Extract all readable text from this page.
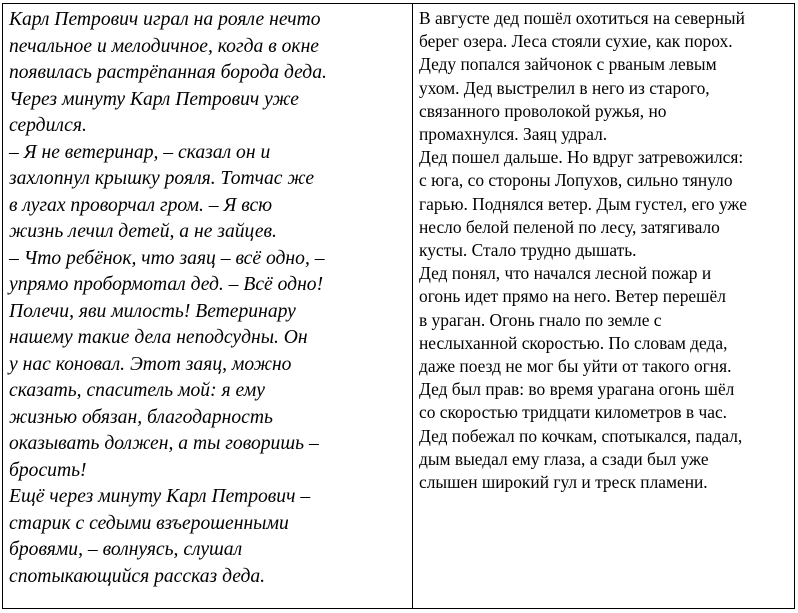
Карл Петрович играл на рояле нечто
печальное и мелодичное, когда в окне
появилась растрёпанная борода деда.
Через минуту Карл Петрович уже
сердился.
– Я не ветеринар, – сказал он и
захлопнул крышку рояля. Тотчас же
в лугах проворчал гром. – Я всю
жизнь лечил детей, а не зайцев.
– Что ребёнок, что заяц – всё одно, –
упрямо пробормотал дед. – Всё одно!
Полечи, яви милость! Ветеринару
нашему такие дела неподсудны. Он
у нас коновал. Этот заяц, можно
сказать, спаситель мой: я ему
жизнью обязан, благодарность
оказывать должен, а ты говоришь –
бросить!
Ещё через минуту Карл Петрович –
старик с седыми взъерошенными
бровями, – волнуясь, слушал
спотыкающийся рассказ деда.

В августе дед пошёл охотиться на северный
берег озера. Леса стояли сухие, как порох.
Деду попался зайчонок с рваным левым
ухом. Дед выстрелил в него из старого,
связанного проволокой ружья, но
промахнулся. Заяц удрал.
Дед пошел дальше. Но вдруг затревожился:
с юга, со стороны Лопухов, сильно тянуло
гарью. Поднялся ветер. Дым густел, его уже
несло белой пеленой по лесу, затягивало
кусты. Стало трудно дышать.
Дед понял, что начался лесной пожар и
огонь идет прямо на него. Ветер перешёл
в ураган. Огонь гнало по земле с
неслыханной скоростью. По словам деда,
даже поезд не мог бы уйти от такого огня.
Дед был прав: во время урагана огонь шёл
со скоростью тридцати километров в час.
Дед побежал по кочкам, спотыкался, падал,
дым выедал ему глаза, а сзади был уже
слышен широкий гул и треск пламени.
